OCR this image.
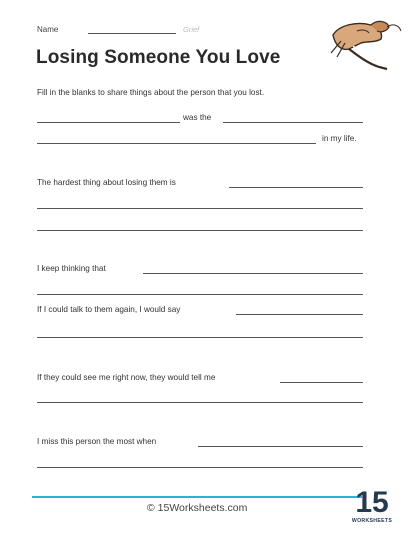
Name	Grief
Losing Someone You Love
Fill in the blanks to share things about the person that you lost.
was the
in my life.
The hardest thing about losing them is
I keep thinking that
If I could talk to them again, I would say
If they could see me right now, they would tell me
I miss this person the most when
© 15Worksheets.com	15
WORKSHEETS
